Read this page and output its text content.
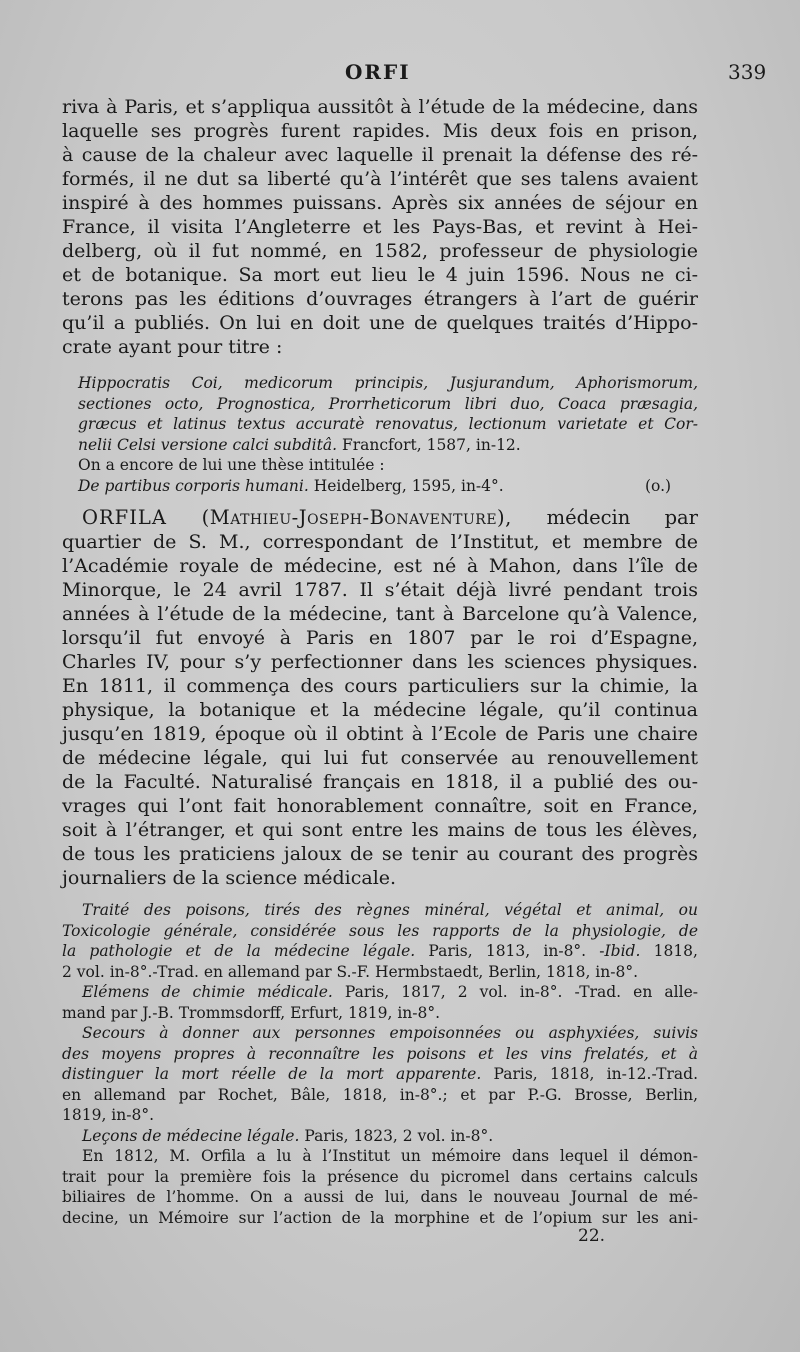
ORFI	339
riva à Paris, et s’appliqua aussitôt à l’étude de la médecine, dans
laquelle ses progrès furent rapides. Mis deux fois en prison,
à cause de la chaleur avec laquelle il prenait la défense des ré-
formés, il ne dut sa liberté qu’à l’intérêt que ses talens avaient
inspiré à des hommes puissans. Après six années de séjour en
France, il visita l’Angleterre et les Pays-Bas, et revint à Hei-
delberg, où il fut nommé, en 1582, professeur de physiologie
et de botanique. Sa mort eut lieu le 4 juin 1596. Nous ne ci-
terons pas les éditions d’ouvrages étrangers à l’art de guérir
qu’il a publiés. On lui en doit une de quelques traités d’Hippo-
crate ayant pour titre :
Hippocratis Coi, medicorum principis, Jusjurandum, Aphorismorum,
sectiones octo, Prognostica, Prorrheticorum libri duo, Coaca præsagia,
græcus et latinus textus accuratè renovatus, lectionum varietate et Cor-
nelii Celsi versione calci subditâ. Francfort, 1587, in-12.
On a encore de lui une thèse intitulée :
De partibus corporis humani. Heidelberg, 1595, in-4°.	(o.)
ORFILA (Mathieu-Joseph-Bonaventure), médecin par
quartier de S. M., correspondant de l’Institut, et membre de
l’Académie royale de médecine, est né à Mahon, dans l’île de
Minorque, le 24 avril 1787. Il s’était déjà livré pendant trois
années à l’étude de la médecine, tant à Barcelone qu’à Valence,
lorsqu’il fut envoyé à Paris en 1807 par le roi d’Espagne,
Charles IV, pour s’y perfectionner dans les sciences physiques.
En 1811, il commença des cours particuliers sur la chimie, la
physique, la botanique et la médecine légale, qu’il continua
jusqu’en 1819, époque où il obtint à l’Ecole de Paris une chaire
de médecine légale, qui lui fut conservée au renouvellement
de la Faculté. Naturalisé français en 1818, il a publié des ou-
vrages qui l’ont fait honorablement connaître, soit en France,
soit à l’étranger, et qui sont entre les mains de tous les élèves,
de tous les praticiens jaloux de se tenir au courant des progrès
journaliers de la science médicale.
Traité des poisons, tirés des règnes minéral, végétal et animal, ou
Toxicologie générale, considérée sous les rapports de la physiologie, de
la pathologie et de la médecine légale. Paris, 1813, in-8°. -Ibid. 1818,
2 vol. in-8°.-Trad. en allemand par S.-F. Hermbstaedt, Berlin, 1818, in-8°.
Elémens de chimie médicale. Paris, 1817, 2 vol. in-8°. -Trad. en alle-
mand par J.-B. Trommsdorff, Erfurt, 1819, in-8°.
Secours à donner aux personnes empoisonnées ou asphyxiées, suivis
des moyens propres à reconnaître les poisons et les vins frelatés, et à
distinguer la mort réelle de la mort apparente. Paris, 1818, in-12.-Trad.
en allemand par Rochet, Bâle, 1818, in-8°.; et par P.-G. Brosse, Berlin,
1819, in-8°.
Leçons de médecine légale. Paris, 1823, 2 vol. in-8°.
En 1812, M. Orfila a lu à l’Institut un mémoire dans lequel il démon-
trait pour la première fois la présence du picromel dans certains calculs
biliaires de l’homme. On a aussi de lui, dans le nouveau Journal de mé-
decine, un Mémoire sur l’action de la morphine et de l’opium sur les ani-
22.
